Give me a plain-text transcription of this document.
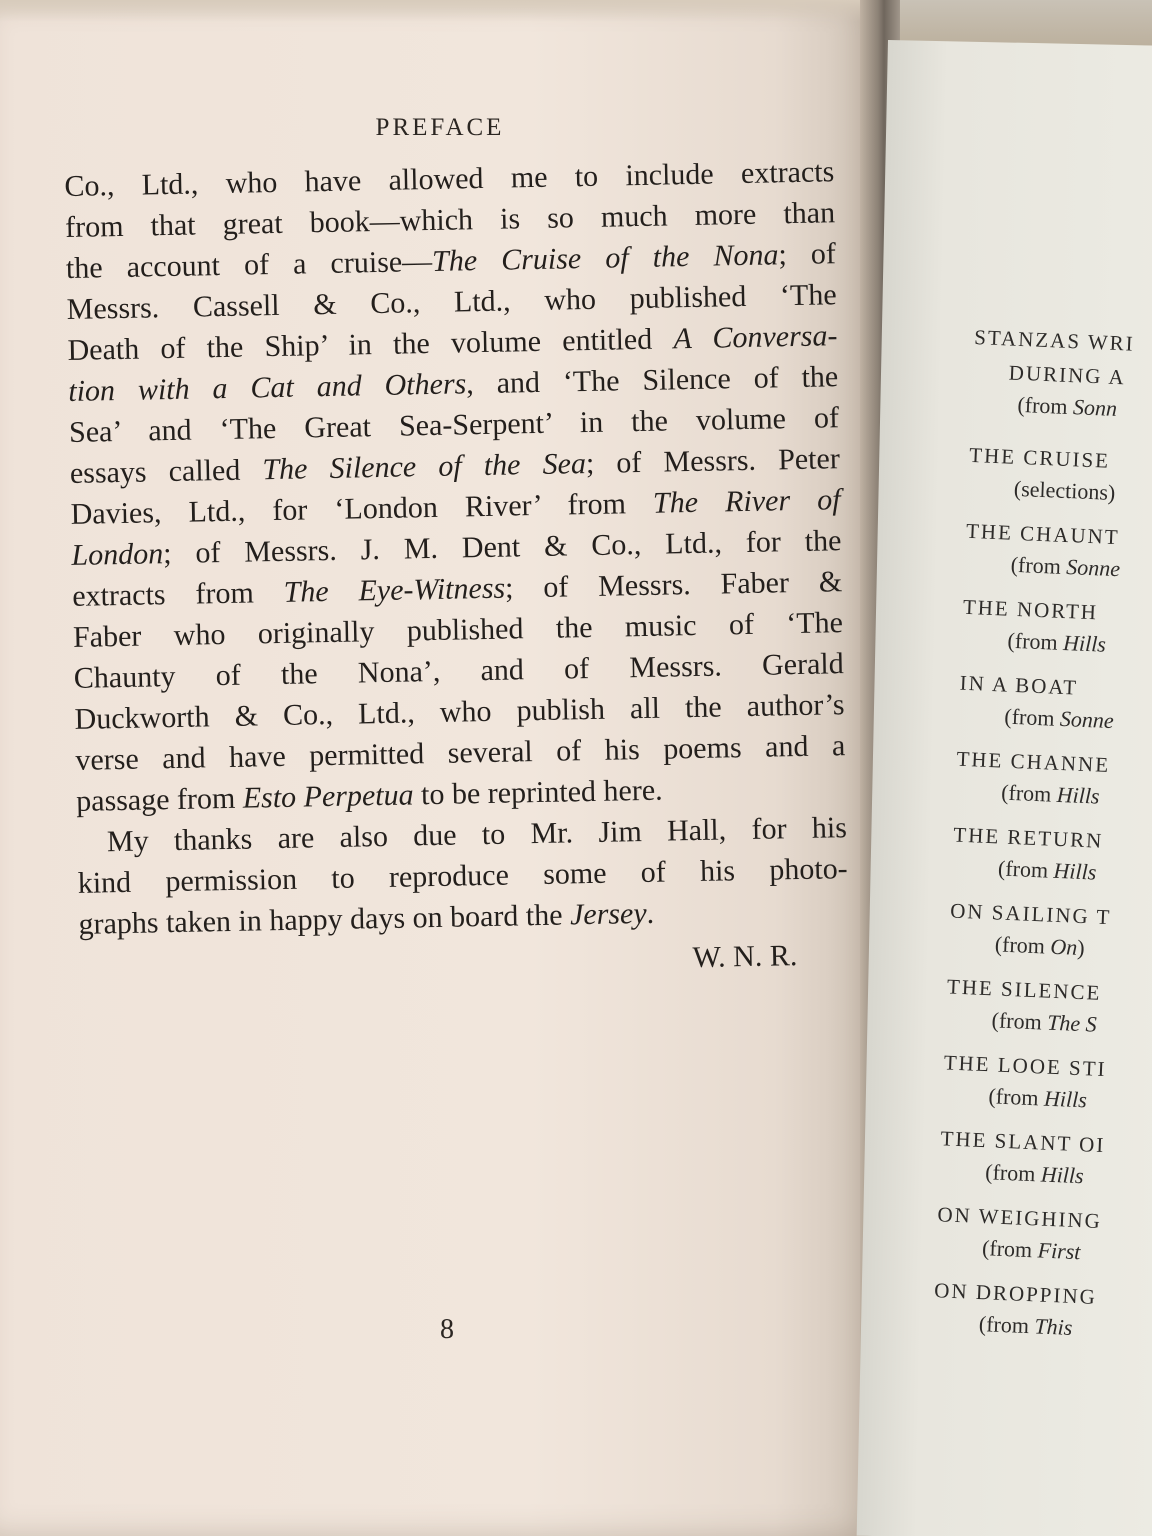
PREFACE

Co., Ltd., who have allowed me to include extracts
from that great book—which is so much more than
the account of a cruise—The Cruise of the Nona; of
Messrs. Cassell & Co., Ltd., who published ‘The
Death of the Ship’ in the volume entitled A Conversa-
tion with a Cat and Others, and ‘The Silence of the
Sea’ and ‘The Great Sea-Serpent’ in the volume of
essays called The Silence of the Sea; of Messrs. Peter
Davies, Ltd., for ‘London River’ from The River of
London; of Messrs. J. M. Dent & Co., Ltd., for the
extracts from The Eye-Witness; of Messrs. Faber &
Faber who originally published the music of ‘The
Chaunty of the Nona’, and of Messrs. Gerald
Duckworth & Co., Ltd., who publish all the author’s
verse and have permitted several of his poems and a
passage from Esto Perpetua to be reprinted here.
My thanks are also due to Mr. Jim Hall, for his
kind permission to reproduce some of his photo-
graphs taken in happy days on board the Jersey.
W. N. R.

8

STANZAS WRI
DURING A
(from Sonn
THE CRUISE
(selections)
THE CHAUNT
(from Sonne
THE NORTH
(from Hills
IN A BOAT
(from Sonne
THE CHANNE
(from Hills
THE RETURN
(from Hills
ON SAILING T
(from On)
THE SILENCE
(from The S
THE LOOE STI
(from Hills
THE SLANT OI
(from Hills
ON WEIGHING
(from First
ON DROPPING
(from This
